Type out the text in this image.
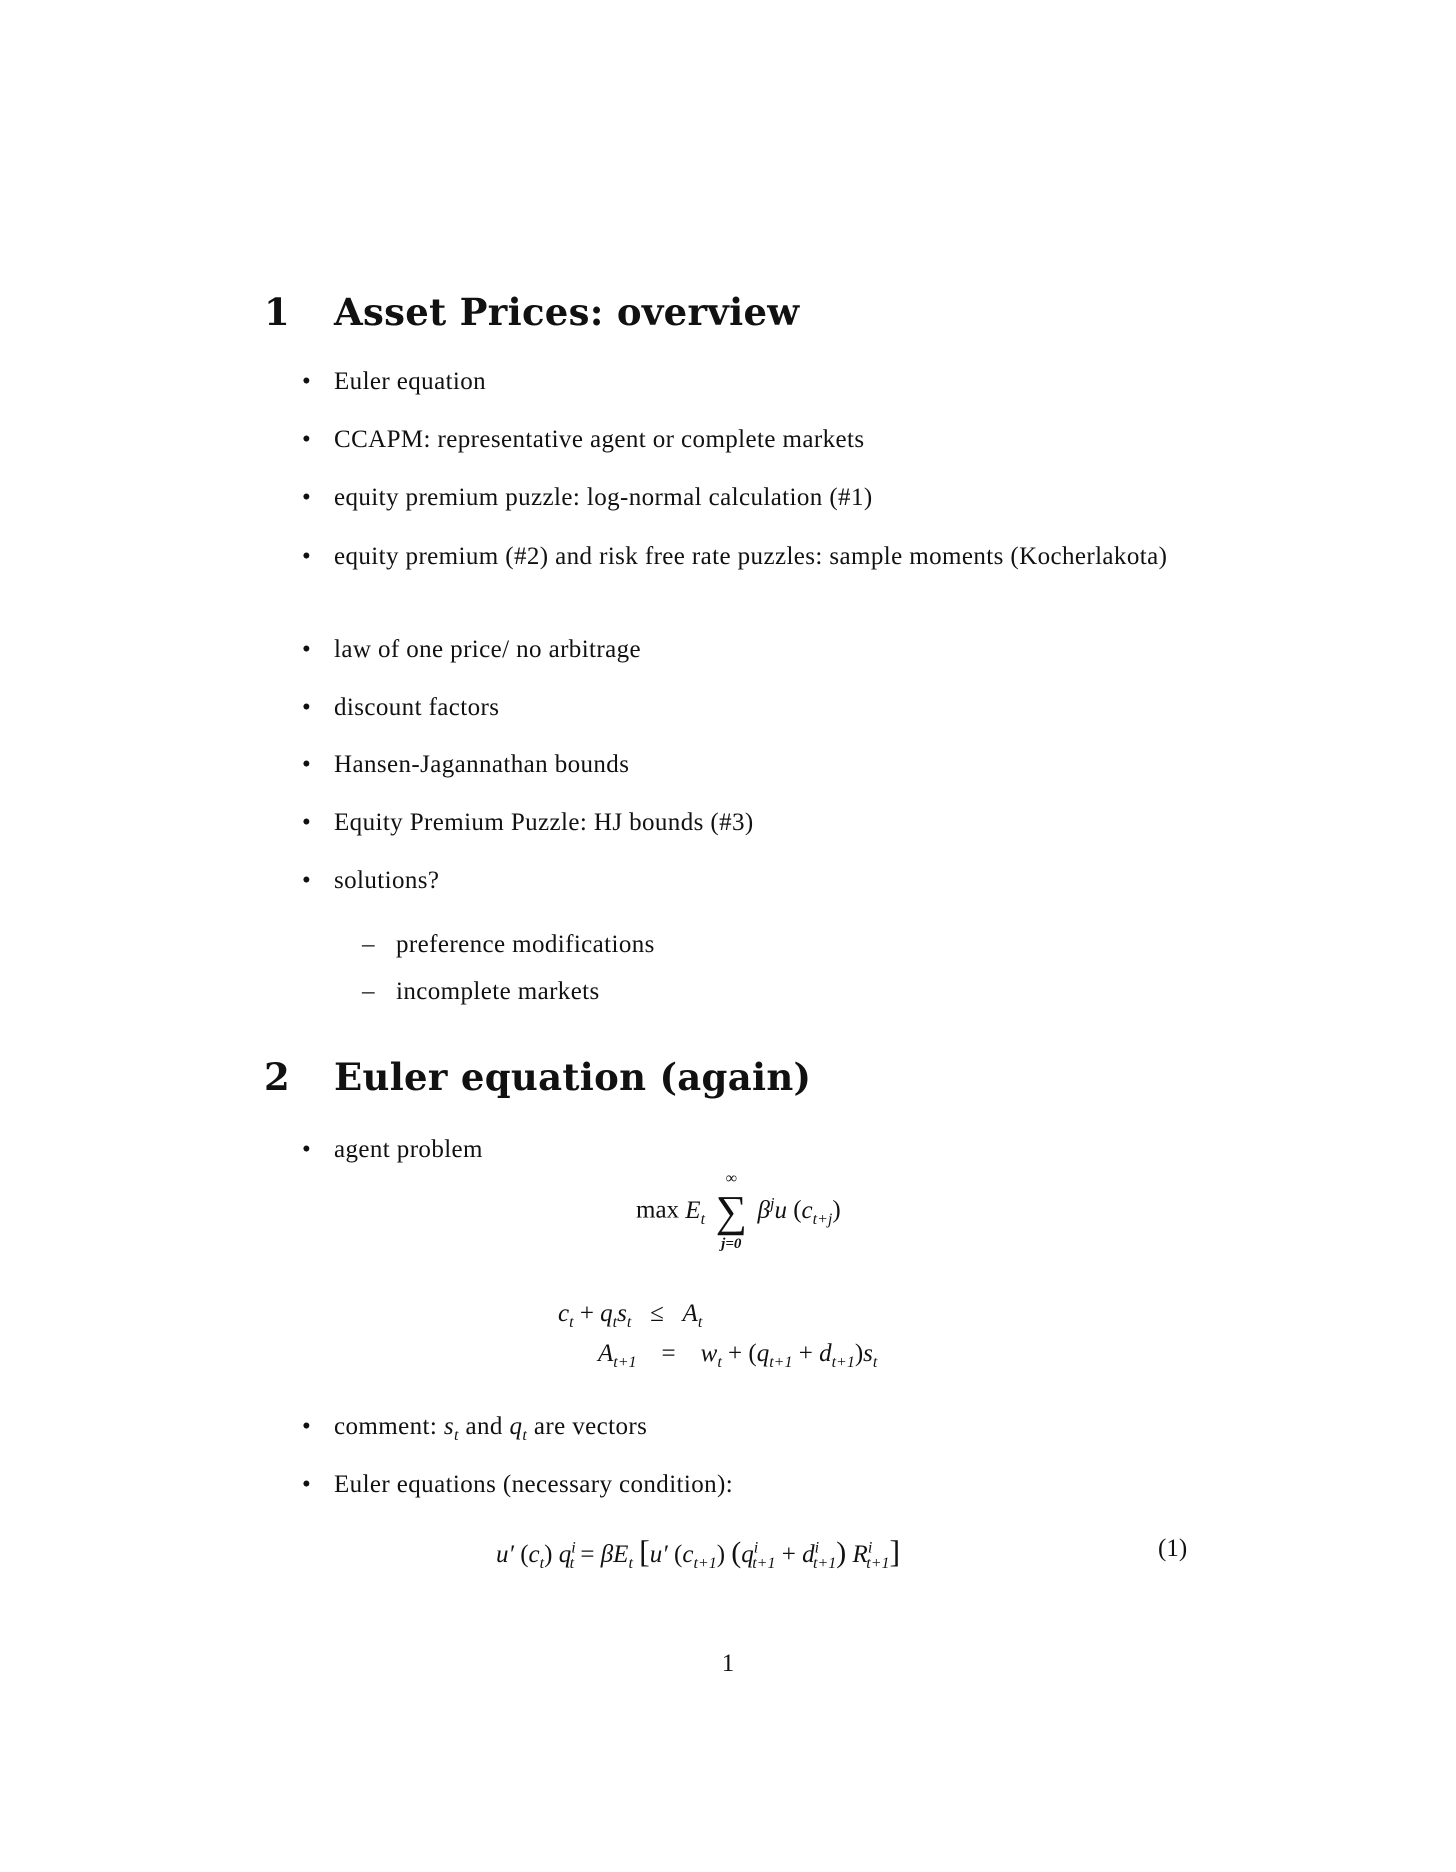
1 Asset Prices: overview

• Euler equation

• CCAPM: representative agent or complete markets

• equity premium puzzle: log-normal calculation (#1)

• equity premium (#2) and risk free rate puzzles: sample moments (Kocherlakota)

• law of one price/ no arbitrage

• discount factors

• Hansen-Jagannathan bounds

• Equity Premium Puzzle: HJ bounds (#3)

• solutions?

– preference modifications

– incomplete markets

2 Euler equation (again)

• agent problem

$\max E_t$
∞
∑
j=0
$\beta^ju$ $(c_{t+j})$
$c_t + q_ts_t \le A_t$
$A_{t+1} = w_t + (q_{t+1} + d_{t+1})s_t$

• comment: $s_t$ and $q_t$ are vectors

• Euler equations (necessary condition):

u′ $(c_t) q^i_t = \beta E_t$ [u′ $(c_{t+1}) (q^i_{t+1} + d^i_{t+1})$ $R^i_{t+1}$]	(1)
1
